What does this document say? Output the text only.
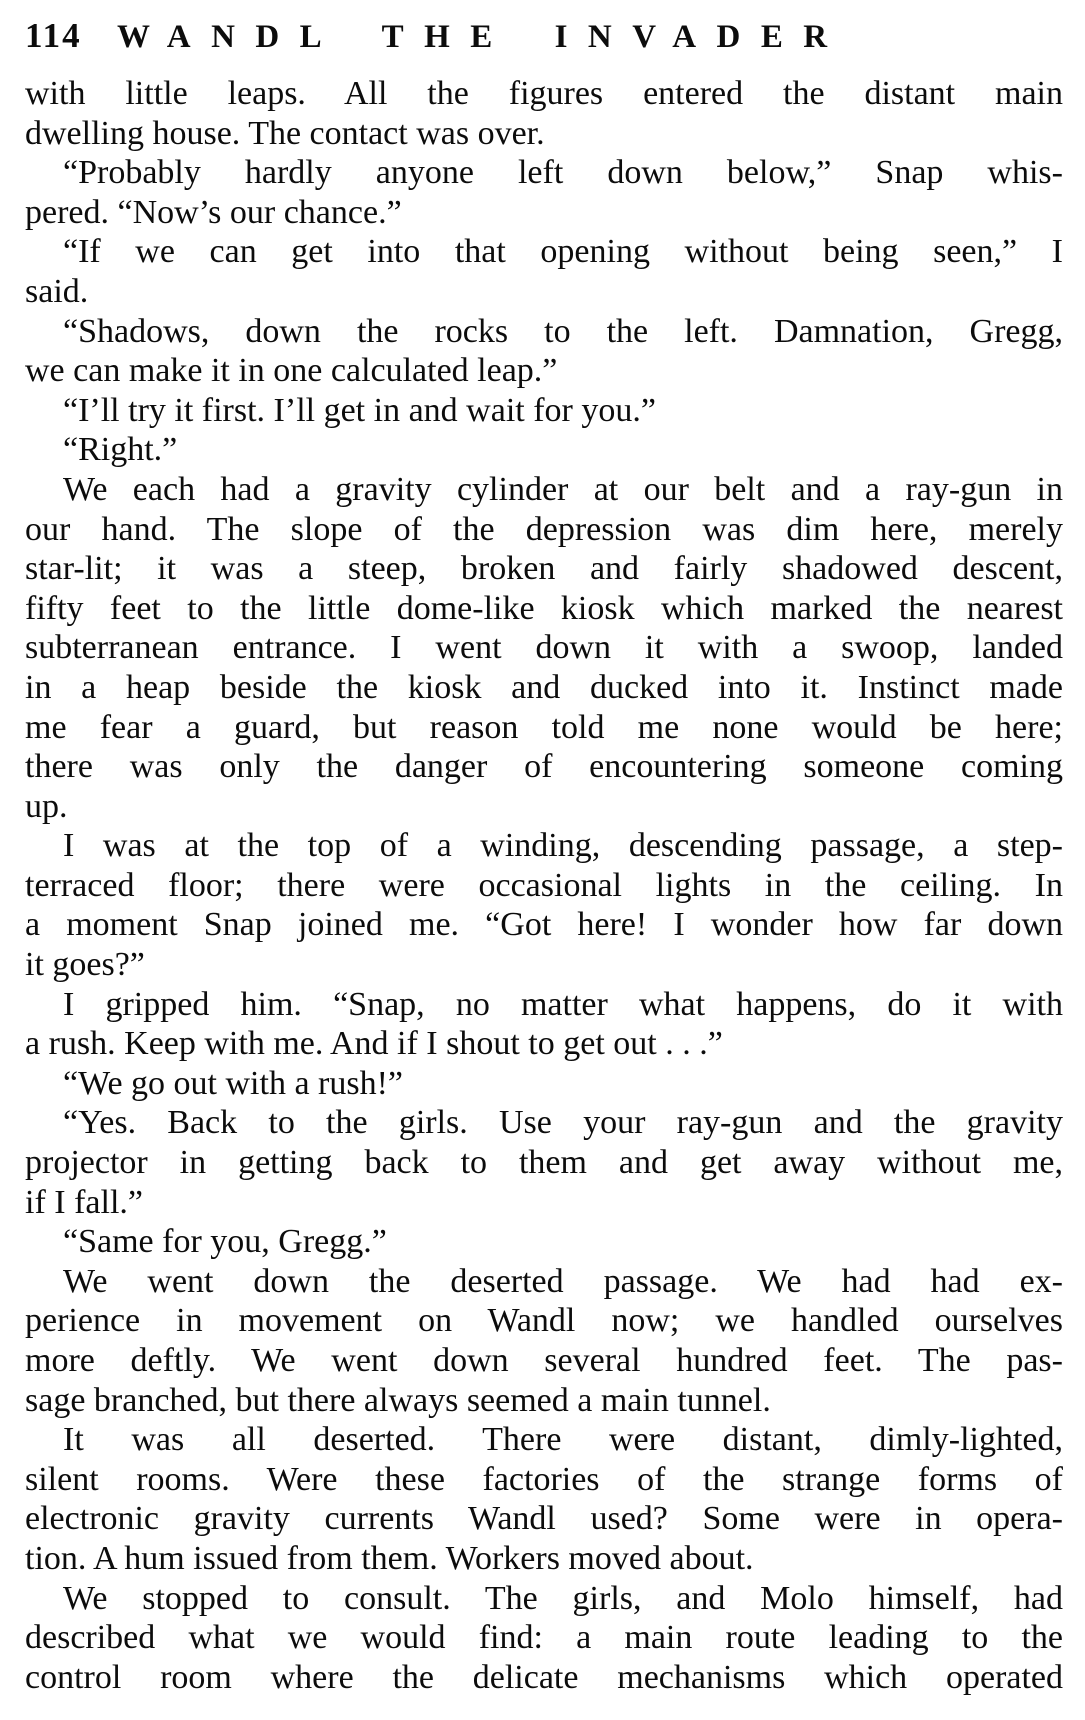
114	WANDL THE INVADER
with little leaps. All the figures entered the distant main
dwelling house. The contact was over.
“Probably hardly anyone left down below,” Snap whis-
pered. “Now’s our chance.”
“If we can get into that opening without being seen,” I
said.
“Shadows, down the rocks to the left. Damnation, Gregg,
we can make it in one calculated leap.”
“I’ll try it first. I’ll get in and wait for you.”
“Right.”
We each had a gravity cylinder at our belt and a ray-gun in
our hand. The slope of the depression was dim here, merely
star-lit; it was a steep, broken and fairly shadowed descent,
fifty feet to the little dome-like kiosk which marked the nearest
subterranean entrance. I went down it with a swoop, landed
in a heap beside the kiosk and ducked into it. Instinct made
me fear a guard, but reason told me none would be here;
there was only the danger of encountering someone coming
up.
I was at the top of a winding, descending passage, a step-
terraced floor; there were occasional lights in the ceiling. In
a moment Snap joined me. “Got here! I wonder how far down
it goes?”
I gripped him. “Snap, no matter what happens, do it with
a rush. Keep with me. And if I shout to get out . . .”
“We go out with a rush!”
“Yes. Back to the girls. Use your ray-gun and the gravity
projector in getting back to them and get away without me,
if I fall.”
“Same for you, Gregg.”
We went down the deserted passage. We had had ex-
perience in movement on Wandl now; we handled ourselves
more deftly. We went down several hundred feet. The pas-
sage branched, but there always seemed a main tunnel.
It was all deserted. There were distant, dimly-lighted,
silent rooms. Were these factories of the strange forms of
electronic gravity currents Wandl used? Some were in opera-
tion. A hum issued from them. Workers moved about.
We stopped to consult. The girls, and Molo himself, had
described what we would find: a main route leading to the
control room where the delicate mechanisms which operated
